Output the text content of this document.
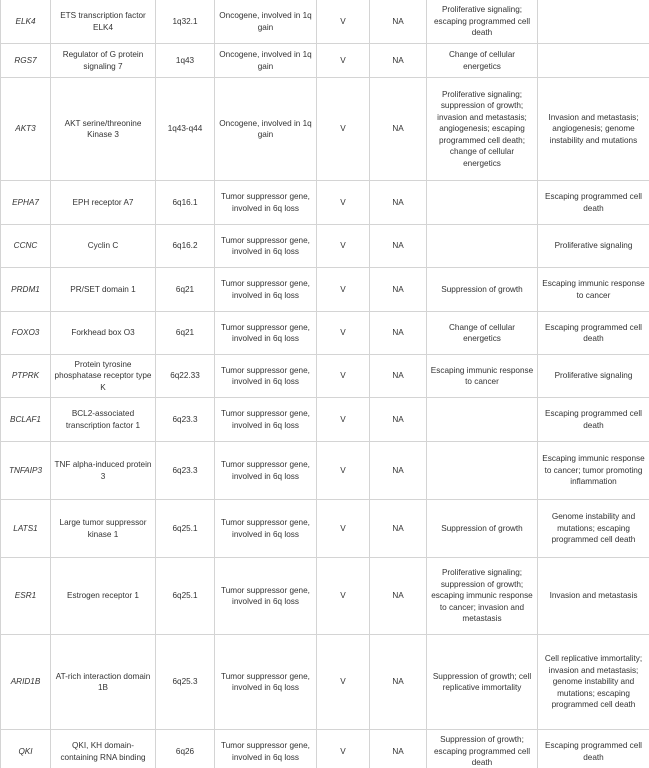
ELK4	ETS transcription factor ELK4	1q32.1	Oncogene, involved in 1q gain	V	NA	Proliferative signaling; escaping programmed cell death	
RGS7	Regulator of G protein signaling 7	1q43	Oncogene, involved in 1q gain	V	NA	Change of cellular energetics	
AKT3	AKT serine/threonine Kinase 3	1q43-q44	Oncogene, involved in 1q gain	V	NA	Proliferative signaling; suppression of growth; invasion and metastasis; angiogenesis; escaping programmed cell death; change of cellular energetics	Invasion and metastasis; angiogenesis; genome instability and mutations
EPHA7	EPH receptor A7	6q16.1	Tumor suppressor gene, involved in 6q loss	V	NA		Escaping programmed cell death
CCNC	Cyclin C	6q16.2	Tumor suppressor gene, involved in 6q loss	V	NA		Proliferative signaling
PRDM1	PR/SET domain 1	6q21	Tumor suppressor gene, involved in 6q loss	V	NA	Suppression of growth	Escaping immunic response to cancer
FOXO3	Forkhead box O3	6q21	Tumor suppressor gene, involved in 6q loss	V	NA	Change of cellular energetics	Escaping programmed cell death
PTPRK	Protein tyrosine phosphatase receptor type K	6q22.33	Tumor suppressor gene, involved in 6q loss	V	NA	Escaping immunic response to cancer	Proliferative signaling
BCLAF1	BCL2-associated transcription factor 1	6q23.3	Tumor suppressor gene, involved in 6q loss	V	NA		Escaping programmed cell death
TNFAIP3	TNF alpha-induced protein 3	6q23.3	Tumor suppressor gene, involved in 6q loss	V	NA		Escaping immunic response to cancer; tumor promoting inflammation
LATS1	Large tumor suppressor kinase 1	6q25.1	Tumor suppressor gene, involved in 6q loss	V	NA	Suppression of growth	Genome instability and mutations; escaping programmed cell death
ESR1	Estrogen receptor 1	6q25.1	Tumor suppressor gene, involved in 6q loss	V	NA	Proliferative signaling; suppression of growth; escaping immunic response to cancer; invasion and metastasis	Invasion and metastasis
ARID1B	AT-rich interaction domain 1B	6q25.3	Tumor suppressor gene, involved in 6q loss	V	NA	Suppression of growth; cell replicative immortality	Cell replicative immortality; invasion and metastasis; genome instability and mutations; escaping programmed cell death
QKI	QKI, KH domain-containing RNA binding	6q26	Tumor suppressor gene, involved in 6q loss	V	NA	Suppression of growth; escaping programmed cell death	Escaping programmed cell death
